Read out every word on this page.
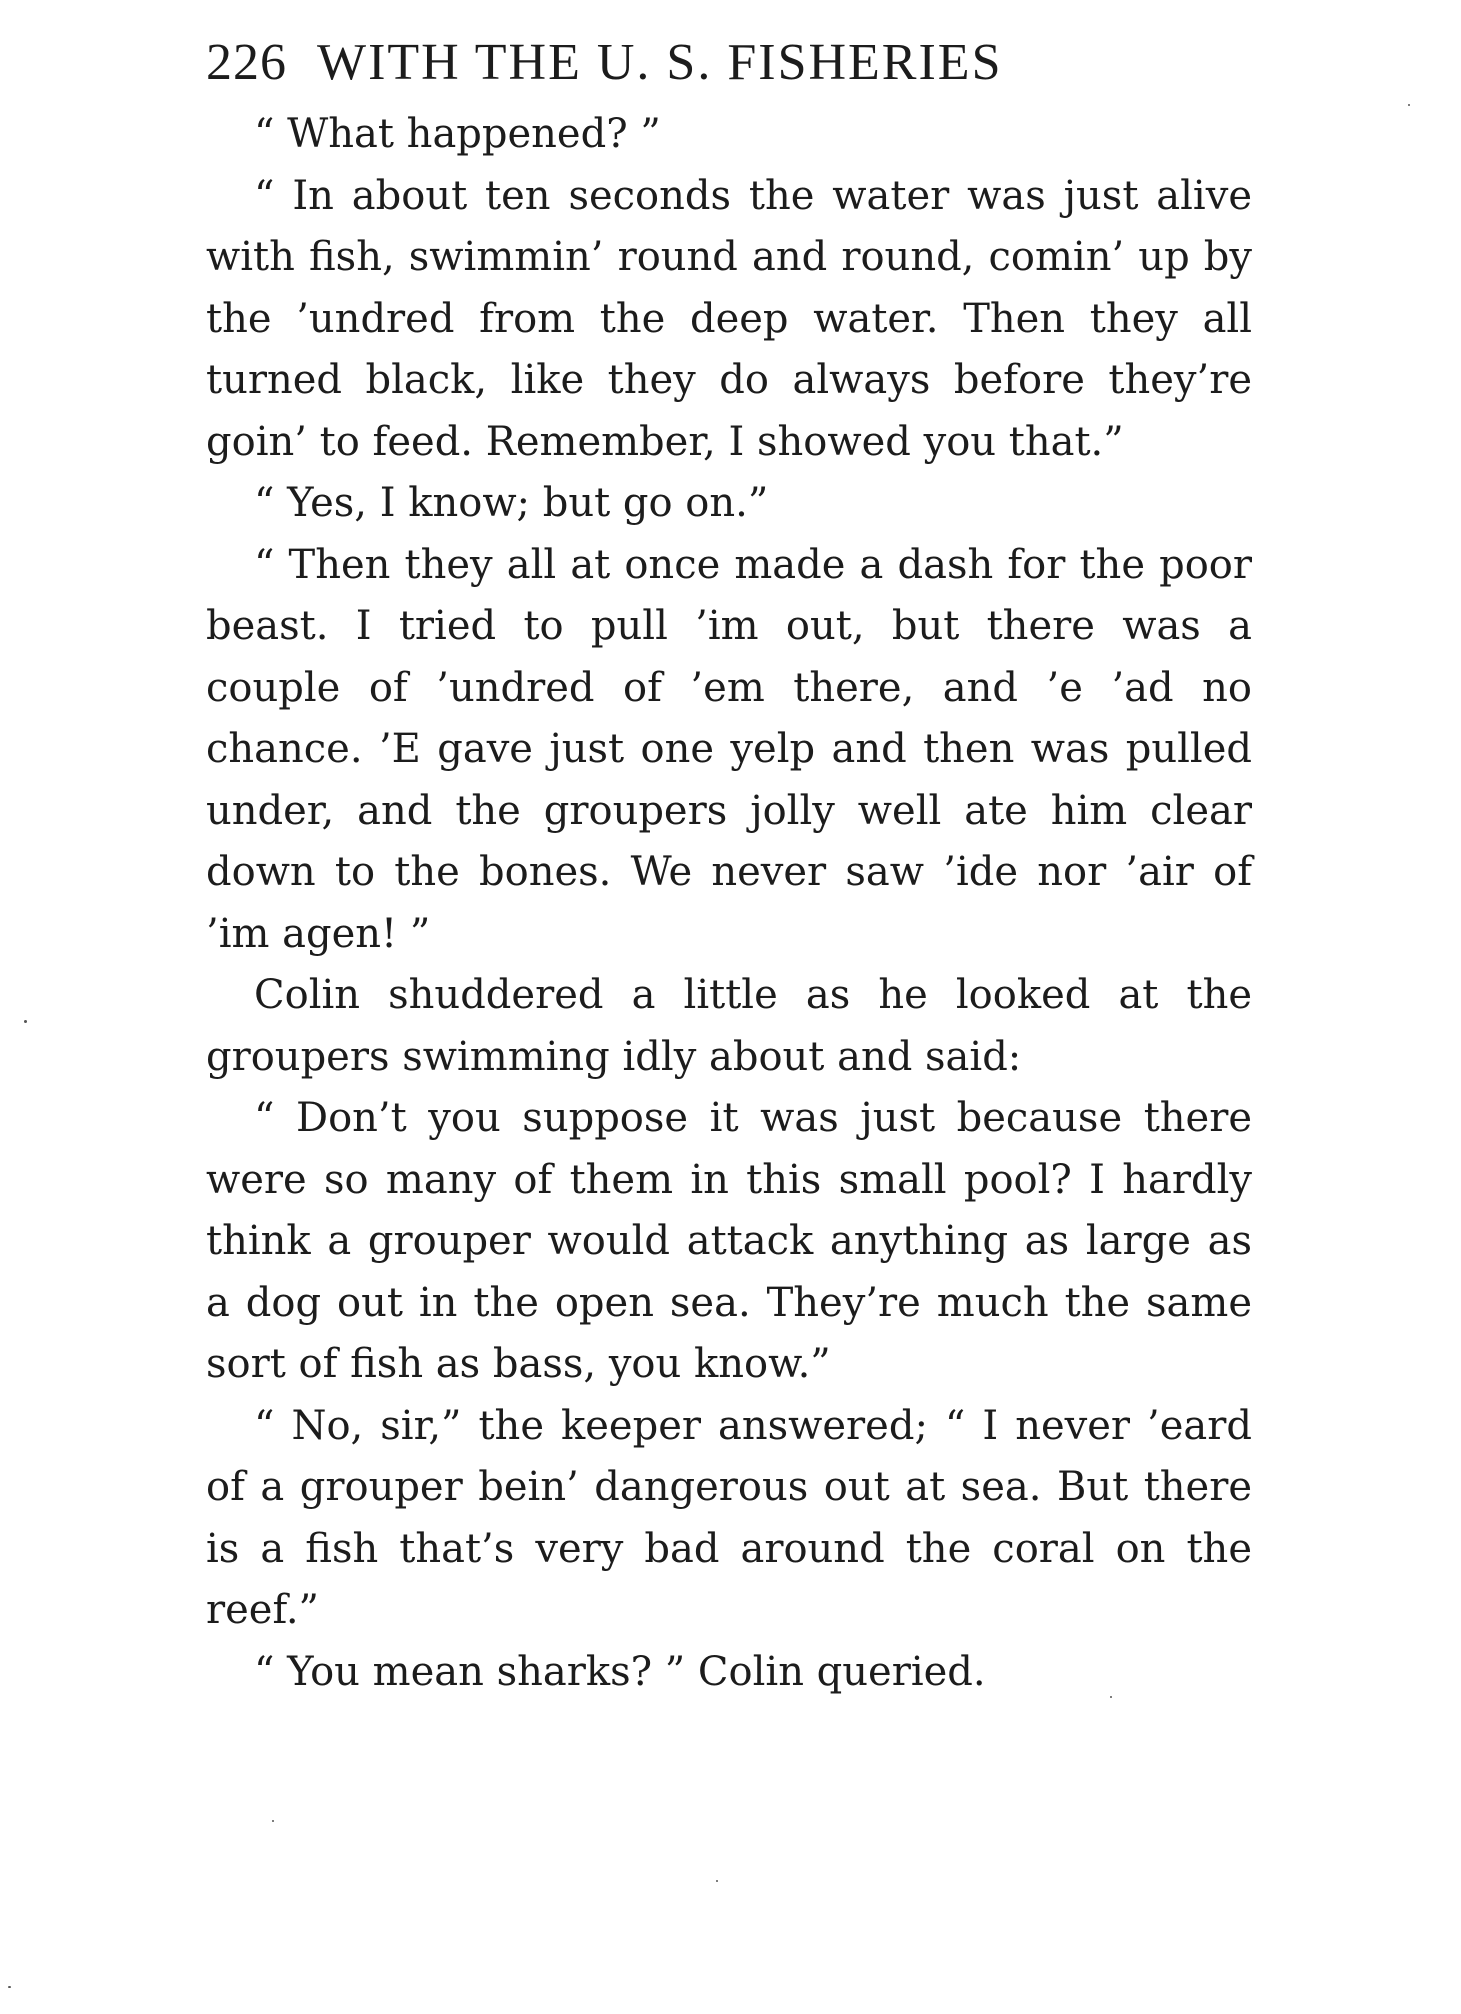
226 WITH THE U. S. FISHERIES

“ What happened? ”

“ In about ten seconds the water was just alive with fish, swimmin’ round and round, comin’ up by the ’undred from the deep water. Then they all turned black, like they do always before they’re goin’ to feed. Remember, I showed you that.”

“ Yes, I know; but go on.”

“ Then they all at once made a dash for the poor beast. I tried to pull ’im out, but there was a couple of ’undred of ’em there, and ’e ’ad no chance. ’E gave just one yelp and then was pulled under, and the groupers jolly well ate him clear down to the bones. We never saw ’ide nor ’air of ’im agen! ”

Colin shuddered a little as he looked at the groupers swimming idly about and said:

“ Don’t you suppose it was just because there were so many of them in this small pool? I hardly think a grouper would attack anything as large as a dog out in the open sea. They’re much the same sort of fish as bass, you know.”

“ No, sir,” the keeper answered; “ I never ’eard of a grouper bein’ dangerous out at sea. But there is a fish that’s very bad around the coral on the reef.”

“ You mean sharks? ” Colin queried.
